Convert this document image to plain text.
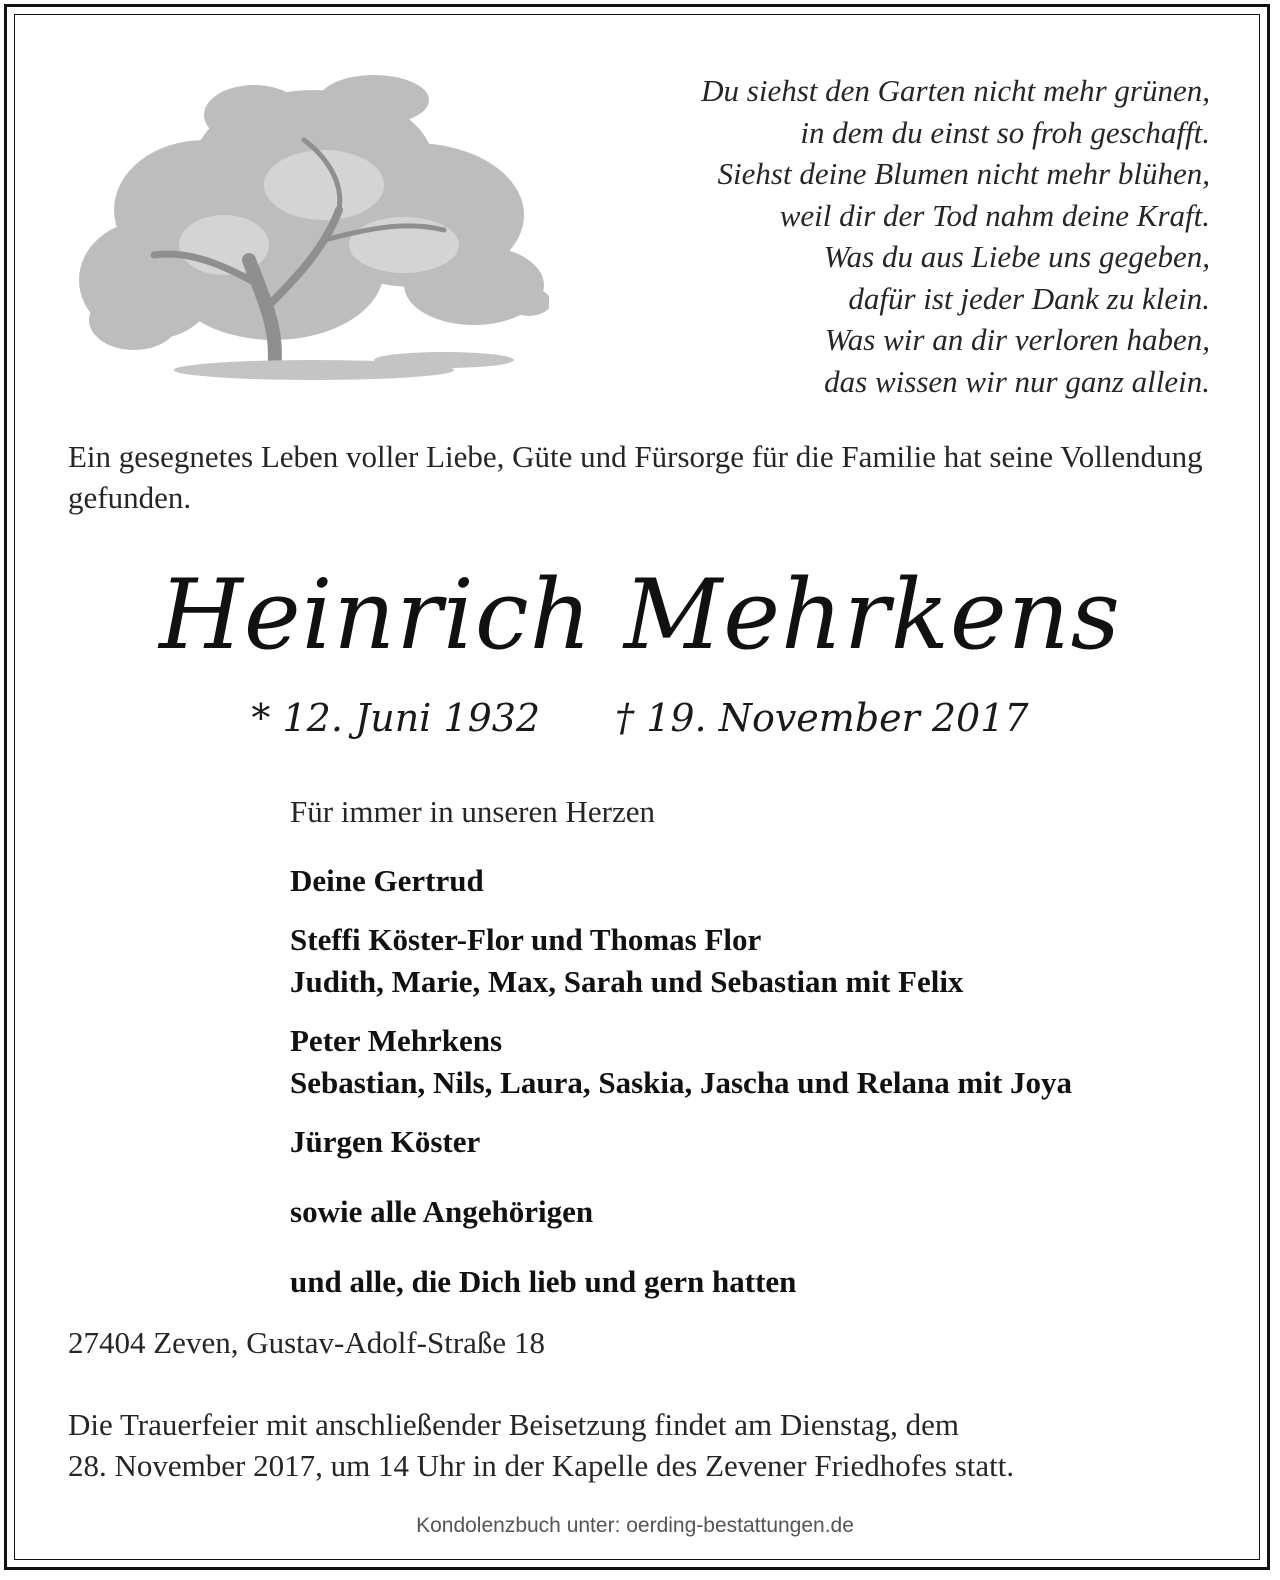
Du siehst den Garten nicht mehr grünen,
in dem du einst so froh geschafft.
Siehst deine Blumen nicht mehr blühen,
weil dir der Tod nahm deine Kraft.
Was du aus Liebe uns gegeben,
dafür ist jeder Dank zu klein.
Was wir an dir verloren haben,
das wissen wir nur ganz allein.
Ein gesegnetes Leben voller Liebe, Güte und Fürsorge für die Familie hat seine Vollendung gefunden.
Heinrich Mehrkens
* 12. Juni 1932 † 19. November 2017
Für immer in unseren Herzen
Deine Gertrud
Steffi Köster-Flor und Thomas Flor
Judith, Marie, Max, Sarah und Sebastian mit Felix
Peter Mehrkens
Sebastian, Nils, Laura, Saskia, Jascha und Relana mit Joya
Jürgen Köster
sowie alle Angehörigen
und alle, die Dich lieb und gern hatten
27404 Zeven, Gustav-Adolf-Straße 18
Die Trauerfeier mit anschließender Beisetzung findet am Dienstag, dem
28. November 2017, um 14 Uhr in der Kapelle des Zevener Friedhofes statt.
Kondolenzbuch unter: oerding-bestattungen.de
